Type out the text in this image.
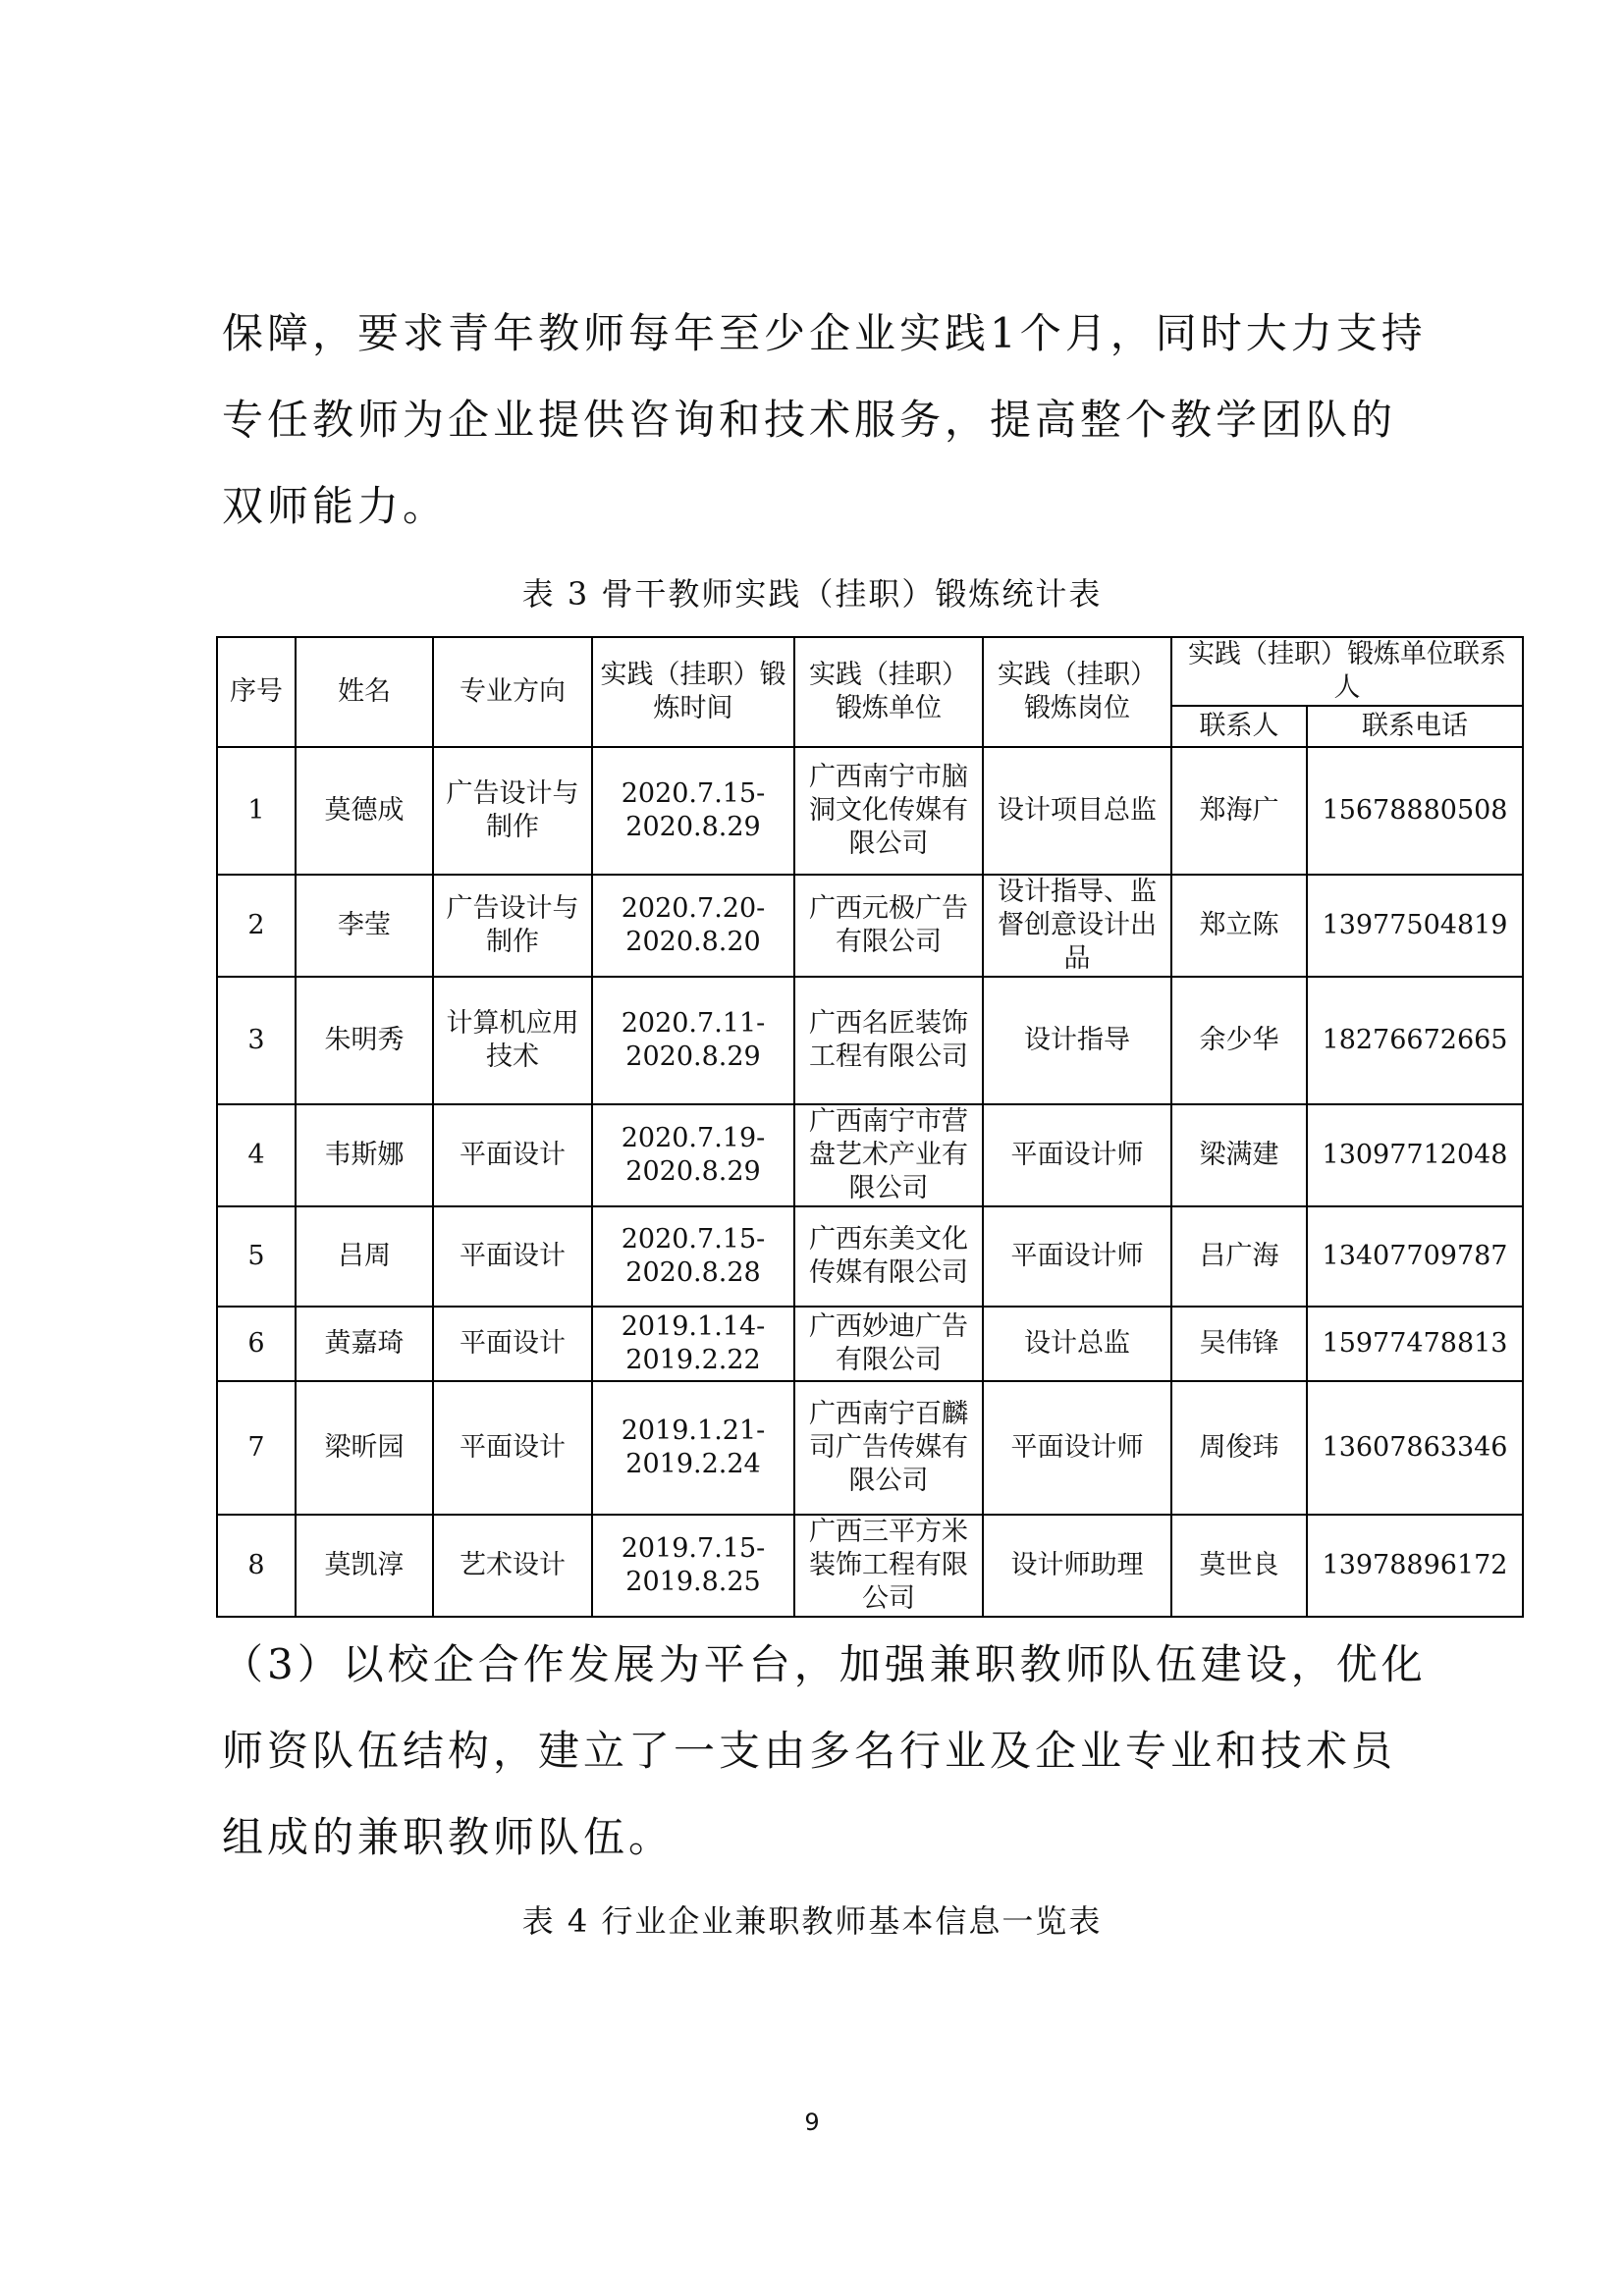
保障，要求青年教师每年至少企业实践1个月，同时大力支持专任教师为企业提供咨询和技术服务，提高整个教学团队的双师能力。

表 3 骨干教师实践（挂职）锻炼统计表
序号	姓名	专业方向	实践（挂职）锻炼时间	实践（挂职）锻炼单位	实践（挂职）锻炼岗位	实践（挂职）锻炼单位联系人	
						联系人	联系电话
1	莫德成	广告设计与制作	2020.7.15-2020.8.29	广西南宁市脑洞文化传媒有限公司	设计项目总监	郑海广	15678880508
2	李莹	广告设计与制作	2020.7.20-2020.8.20	广西元极广告有限公司	设计指导、监督创意设计出品	郑立陈	13977504819
3	朱明秀	计算机应用技术	2020.7.11-2020.8.29	广西名匠装饰工程有限公司	设计指导	余少华	18276672665
4	韦斯娜	平面设计	2020.7.19-2020.8.29	广西南宁市营盘艺术产业有限公司	平面设计师	梁满建	13097712048
5	吕周	平面设计	2020.7.15-2020.8.28	广西东美文化传媒有限公司	平面设计师	吕广海	13407709787
6	黄嘉琦	平面设计	2019.1.14-2019.2.22	广西妙迪广告有限公司	设计总监	吴伟锋	15977478813
7	梁昕园	平面设计	2019.1.21-2019.2.24	广西南宁百麟司广告传媒有限公司	平面设计师	周俊玮	13607863346
8	莫凯淳	艺术设计	2019.7.15-2019.8.25	广西三平方米装饰工程有限公司	设计师助理	莫世良	13978896172

（3）以校企合作发展为平台，加强兼职教师队伍建设，优化师资队伍结构，建立了一支由多名行业及企业专业和技术员组成的兼职教师队伍。

表 4 行业企业兼职教师基本信息一览表
9
